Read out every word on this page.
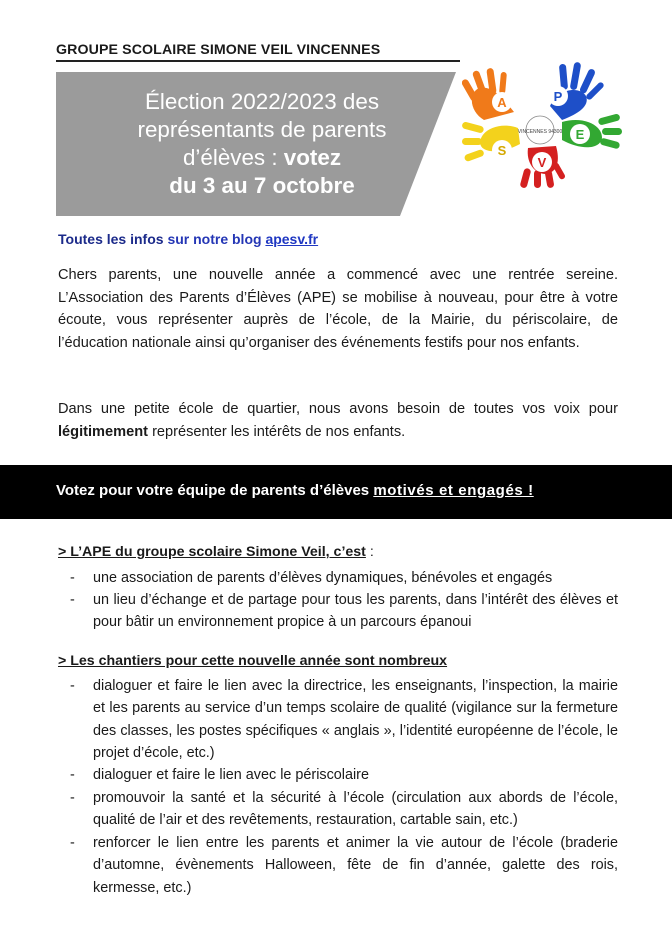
GROUPE SCOLAIRE SIMONE VEIL VINCENNES
Élection 2022/2023 des
représentants de parents
d’élèves : votez
du 3 au 7 octobre
VINCENNES 94300
A	P
E
S
V
Toutes les infos sur notre blog apesv.fr

Chers parents, une nouvelle année a commencé avec une rentrée sereine. L’Association des Parents d’Élèves (APE) se mobilise à nouveau, pour être à votre écoute, vous représenter auprès de l’école, de la Mairie, du périscolaire, de l’éducation nationale ainsi qu’organiser des événements festifs pour nos enfants.

Dans une petite école de quartier, nous avons besoin de toutes vos voix pour légitimement représenter les intérêts de nos enfants.

Votez pour votre équipe de parents d’élèves motivés et engagés !
> L’APE du groupe scolaire Simone Veil, c’est :
- une association de parents d’élèves dynamiques, bénévoles et engagés
- un lieu d’échange et de partage pour tous les parents, dans l’intérêt des élèves et pour bâtir un environnement propice à un parcours épanoui
> Les chantiers pour cette nouvelle année sont nombreux
- dialoguer et faire le lien avec la directrice, les enseignants, l’inspection, la mairie et les parents au service d’un temps scolaire de qualité (vigilance sur la fermeture des classes, les postes spécifiques « anglais », l’identité européenne de l’école, le projet d’école, etc.)
- dialoguer et faire le lien avec le périscolaire
- promouvoir la santé et la sécurité à l’école (circulation aux abords de l’école, qualité de l’air et des revêtements, restauration, cartable sain, etc.)
- renforcer le lien entre les parents et animer la vie autour de l’école (braderie d’automne, évènements Halloween, fête de fin d’année, galette des rois, kermesse, etc.)
